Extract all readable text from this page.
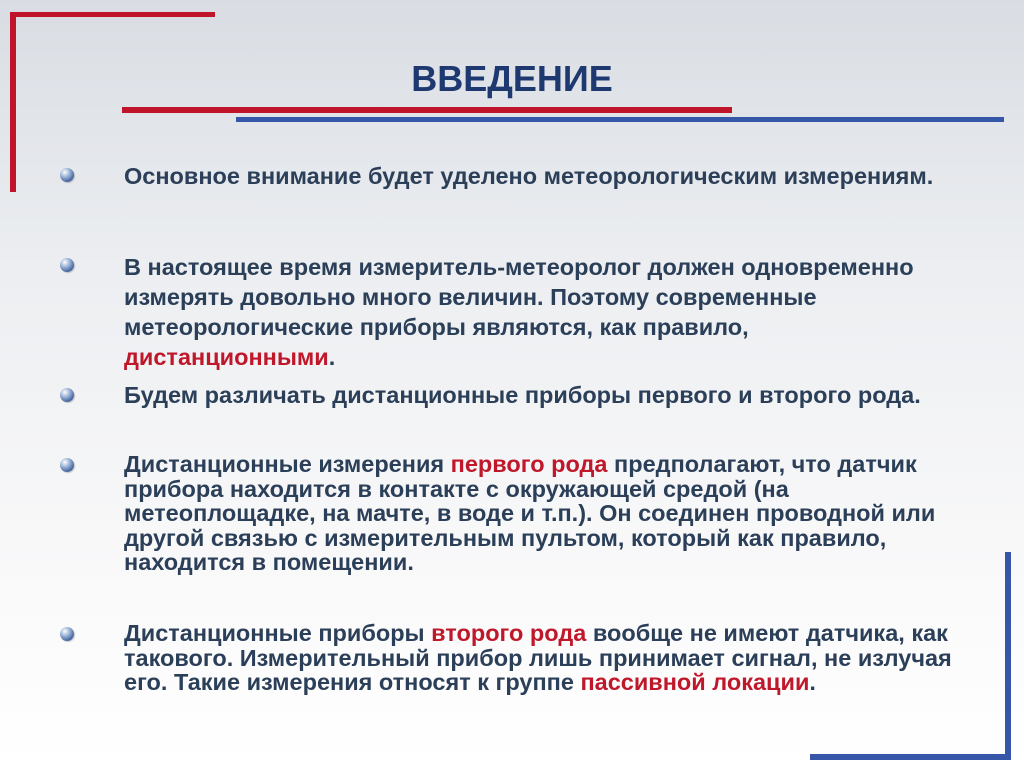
ВВЕДЕНИЕ
Основное внимание будет уделено метеорологическим измерениям.
В настоящее время измеритель-метеоролог должен одновременно измерять довольно много величин. Поэтому современные метеорологические приборы являются, как правило, дистанционными.
Будем различать дистанционные приборы первого и второго рода.
Дистанционные измерения первого рода предполагают, что датчик прибора находится в контакте с окружающей средой (на метеоплощадке, на мачте, в воде и т.п.). Он соединен проводной или другой связью с измерительным пультом, который как правило, находится в помещении.
Дистанционные приборы второго рода вообще не имеют датчика, как такового. Измерительный прибор лишь принимает сигнал, не излучая его. Такие измерения относят к группе пассивной локации.
